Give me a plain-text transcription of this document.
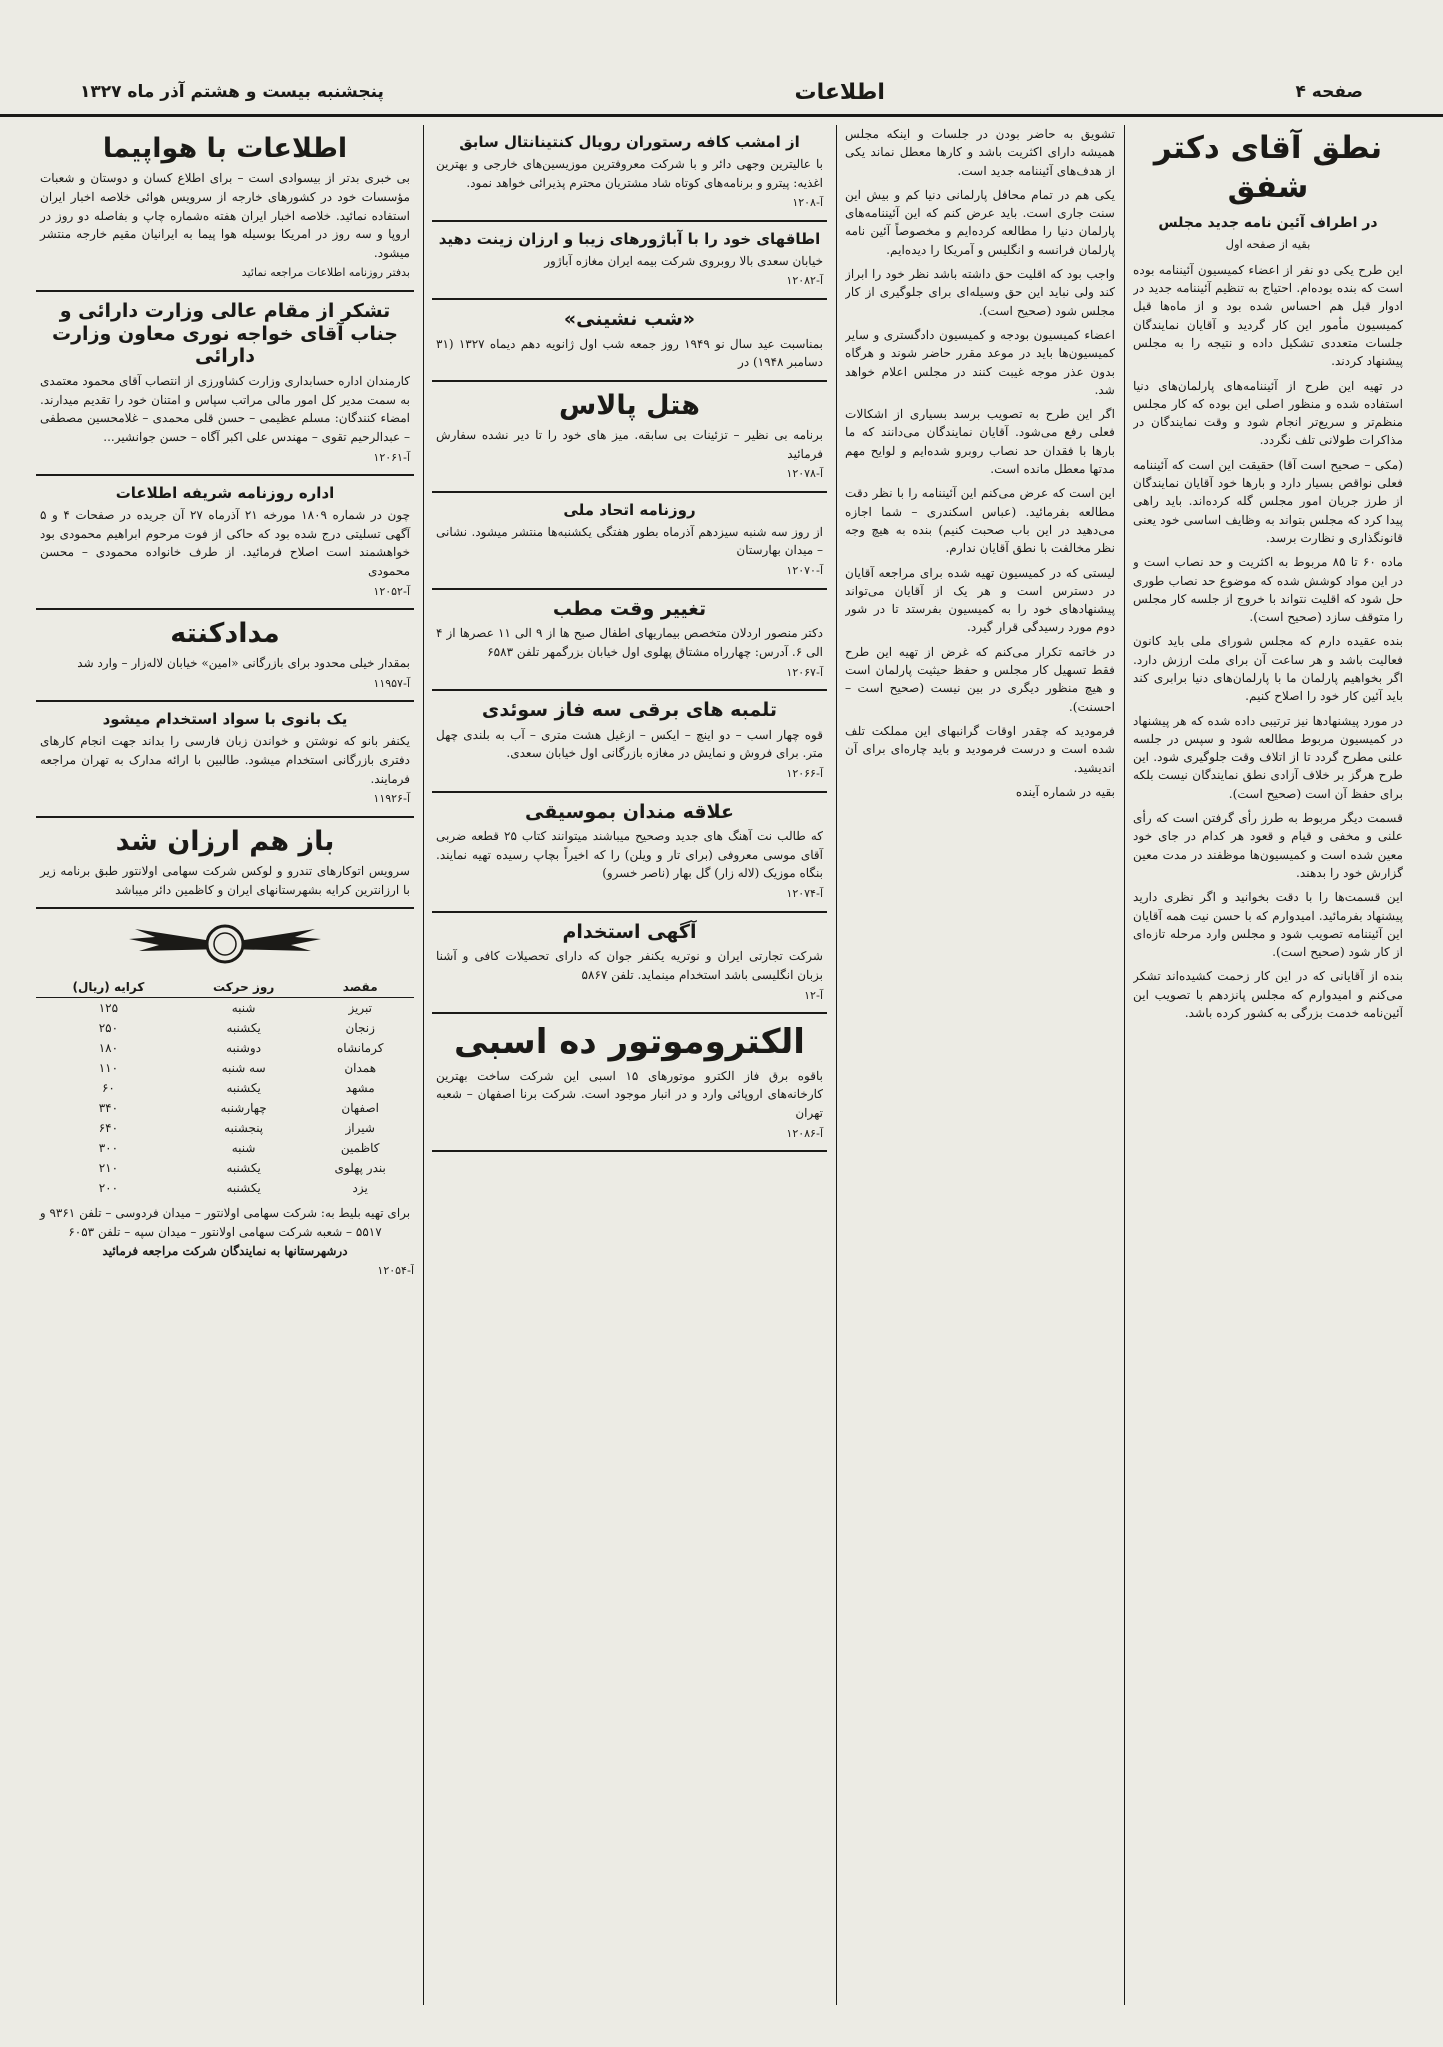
صفحه ۴
اطلاعات
پنجشنبه بیست و هشتم آذر ماه ۱۳۲۷
نطق آقای دکتر شفق
در اطراف آئین نامه جدید مجلس
بقیه از صفحه اول

این طرح یکی دو نفر از اعضاء کمیسیون آئیننامه بوده است که بنده بوده‌ام. احتیاج به تنظیم آئیننامه جدید در ادوار قبل هم احساس شده بود و از ماه‌ها قبل کمیسیون مأمور این کار گردید و آقایان نمایندگان جلسات متعددی تشکیل داده و نتیجه را به مجلس پیشنهاد کردند.

در تهیه این طرح از آئیننامه‌های پارلمان‌های دنیا استفاده شده و منظور اصلی این بوده که کار مجلس منظم‌تر و سریع‌تر انجام شود و وقت نمایندگان در مذاکرات طولانی تلف نگردد.

(مکی – صحیح است آقا) حقیقت این است که آئیننامه فعلی نواقص بسیار دارد و بارها خود آقایان نمایندگان از طرز جریان امور مجلس گله کرده‌اند. باید راهی پیدا کرد که مجلس بتواند به وظایف اساسی خود یعنی قانونگذاری و نظارت برسد.

ماده ۶۰ تا ۸۵ مربوط به اکثریت و حد نصاب است و در این مواد کوشش شده که موضوع حد نصاب طوری حل شود که اقلیت نتواند با خروج از جلسه کار مجلس را متوقف سازد (صحیح است).

بنده عقیده دارم که مجلس شورای ملی باید کانون فعالیت باشد و هر ساعت آن برای ملت ارزش دارد. اگر بخواهیم پارلمان ما با پارلمان‌های دنیا برابری کند باید آئین کار خود را اصلاح کنیم.

در مورد پیشنهادها نیز ترتیبی داده شده که هر پیشنهاد در کمیسیون مربوط مطالعه شود و سپس در جلسه علنی مطرح گردد تا از اتلاف وقت جلوگیری شود. این طرح هرگز بر خلاف آزادی نطق نمایندگان نیست بلکه برای حفظ آن است (صحیح است).

قسمت دیگر مربوط به طرز رأی گرفتن است که رأی علنی و مخفی و قیام و قعود هر کدام در جای خود معین شده است و کمیسیون‌ها موظفند در مدت معین گزارش خود را بدهند.

این قسمت‌ها را با دقت بخوانید و اگر نظری دارید پیشنهاد بفرمائید. امیدوارم که با حسن نیت همه آقایان این آئیننامه تصویب شود و مجلس وارد مرحله تازه‌ای از کار شود (صحیح است).

بنده از آقایانی که در این کار زحمت کشیده‌اند تشکر می‌کنم و امیدوارم که مجلس پانزدهم با تصویب این آئین‌نامه خدمت بزرگی به کشور کرده باشد.

تشویق به حاضر بودن در جلسات و اینکه مجلس همیشه دارای اکثریت باشد و کارها معطل نماند یکی از هدف‌های آئیننامه جدید است.

یکی هم در تمام محافل پارلمانی دنیا کم و بیش این سنت جاری است. باید عرض کنم که این آئیننامه‌های پارلمان دنیا را مطالعه کرده‌ایم و مخصوصاً آئین نامه پارلمان فرانسه و انگلیس و آمریکا را دیده‌ایم.

واجب بود که اقلیت حق داشته باشد نظر خود را ابراز کند ولی نباید این حق وسیله‌ای برای جلوگیری از کار مجلس شود (صحیح است).

اعضاء کمیسیون بودجه و کمیسیون دادگستری و سایر کمیسیون‌ها باید در موعد مقرر حاضر شوند و هرگاه بدون عذر موجه غیبت کنند در مجلس اعلام خواهد شد.

اگر این طرح به تصویب برسد بسیاری از اشکالات فعلی رفع می‌شود. آقایان نمایندگان می‌دانند که ما بارها با فقدان حد نصاب روبرو شده‌ایم و لوایح مهم مدتها معطل مانده است.

این است که عرض می‌کنم این آئیننامه را با نظر دقت مطالعه بفرمائید. (عباس اسکندری – شما اجازه می‌دهید در این باب صحبت کنیم) بنده به هیچ وجه نظر مخالفت با نطق آقایان ندارم.

لیستی که در کمیسیون تهیه شده برای مراجعه آقایان در دسترس است و هر یک از آقایان می‌تواند پیشنهادهای خود را به کمیسیون بفرستد تا در شور دوم مورد رسیدگی قرار گیرد.

در خاتمه تکرار می‌کنم که غرض از تهیه این طرح فقط تسهیل کار مجلس و حفظ حیثیت پارلمان است و هیچ منظور دیگری در بین نیست (صحیح است – احسنت).

فرمودید که چقدر اوقات گرانبهای این مملکت تلف شده است و درست فرمودید و باید چاره‌ای برای آن اندیشید.

بقیه در شماره آینده

از امشب کافه رستوران رویال کنتینانتال سابق
با عالیترین وجهی دائر و با شرکت معروفترین موزیسین‌های خارجی و بهترین اغذیه: پیترو و برنامه‌های کوتاه شاد مشتریان محترم پذیرائی خواهد نمود.
آ-۱۲۰۸
اطاقهای خود را با آباژورهای زیبا و ارزان زینت دهید
خیابان سعدی بالا روبروی شرکت بیمه ایران مغازه آباژور
آ-۱۲۰۸۲
«شب نشینی»
بمناسبت عید سال نو ۱۹۴۹ روز جمعه شب اول ژانویه دهم دیماه ۱۳۲۷ (۳۱ دسامبر ۱۹۴۸) در
هتل پالاس
برنامه بی نظیر – تزئینات بی سابقه. میز های خود را تا دیر نشده سفارش فرمائید
آ-۱۲۰۷۸
روزنامه اتحاد ملی
از روز سه شنبه سیزدهم آذرماه بطور هفتگی یکشنبه‌ها منتشر میشود. نشانی – میدان بهارستان
آ-۱۲۰۷۰
تغییر وقت مطب
دکتر منصور اردلان متخصص بیماریهای اطفال صبح ها از ۹ الی ۱۱ عصرها از ۴ الی ۶. آدرس: چهارراه مشتاق پهلوی اول خیابان بزرگمهر تلفن ۶۵۸۳
آ-۱۲۰۶۷
تلمبه های برقی سه فاز سوئدی
قوه چهار اسب – دو اینچ – ایکس – ازغیل هشت متری – آب به بلندی چهل متر. برای فروش و نمایش در مغازه بازرگانی اول خیابان سعدی.
آ-۱۲۰۶۶
علاقه مندان بموسیقی
که طالب نت آهنگ های جدید وصحیح میباشند میتوانند کتاب ۲۵ قطعه ضربی آقای موسی معروفی (برای تار و ویلن) را که اخیراً بچاپ رسیده تهیه نمایند. بنگاه موزیک (لاله زار) گل بهار (ناصر خسرو)
آ-۱۲۰۷۴
آگهی استخدام
شرکت تجارتی ایران و نوتریه یکنفر جوان که دارای تحصیلات کافی و آشنا بزبان انگلیسی باشد استخدام مینماید. تلفن ۵۸۶۷
آ-۱۲
الکتروموتور ده اسبی
باقوه برق فاز الکترو موتورهای ۱۵ اسبی این شرکت ساخت بهترین کارخانه‌های اروپائی وارد و در انبار موجود است. شرکت برنا اصفهان – شعبه تهران
آ-۱۲۰۸۶
اطلاعات با هواپیما
بی خبری بدتر از بیسوادی است – برای اطلاع کسان و دوستان و شعبات مؤسسات خود در کشورهای خارجه از سرویس هوائی خلاصه اخبار ایران استفاده نمائید. خلاصه اخبار ایران هفته ‌‌‌‌ه‌شماره چاپ و بفاصله دو روز در اروپا و سه روز در امریکا بوسیله هوا پیما به ایرانیان مقیم خارجه منتشر میشود.
بدفتر روزنامه اطلاعات مراجعه نمائید
تشکر از مقام عالی وزارت دارائی و جناب آقای خواجه نوری معاون وزارت دارائی
کارمندان اداره حسابداری وزارت کشاورزی از انتصاب آقای محمود معتمدی به سمت مدیر کل امور مالی مراتب سپاس و امتنان خود را تقدیم میدارند. امضاء کنندگان: مسلم عظیمی – حسن قلی محمدی – غلامحسین مصطفی – عبدالرحیم تقوی – مهندس علی اکبر آگاه – حسن جوانشیر...
آ-۱۲۰۶۱
اداره روزنامه شریفه اطلاعات
چون در شماره ۱۸۰۹ مورخه ۲۱ آذرماه ۲۷ آن جریده در صفحات ۴ و ۵ آگهی تسلیتی درج شده بود که حاکی از فوت مرحوم ابراهیم محمودی بود خواهشمند است اصلاح فرمائید. از طرف خانواده محمودی – محسن محمودی
آ-۱۲۰۵۲
مدادکنته
بمقدار خیلی محدود برای بازرگانی «امین» خیابان لاله‌زار – وارد شد
آ-۱۱۹۵۷
یک بانوی با سواد استخدام میشود
یکنفر بانو که نوشتن و خواندن زبان فارسی را بداند جهت انجام کارهای دفتری بازرگانی استخدام میشود. طالبین با ارائه مدارک به تهران مراجعه فرمایند.
آ-۱۱۹۲۶
باز هم ارزان شد
سرویس اتوکارهای تندرو و لوکس شرکت سهامی اولانتور طبق برنامه زیر با ارزانترین کرایه بشهرستانهای ایران و کاظمین دائر میباشد
مقصد	روز حرکت	کرایه (ریال)
تبریز	شنبه	۱۲۵
زنجان	یکشنبه	۲۵۰
کرمانشاه	دوشنبه	۱۸۰
همدان	سه شنبه	۱۱۰
مشهد	یکشنبه	۶۰
اصفهان	چهارشنبه	۳۴۰
شیراز	پنجشنبه	۶۴۰
کاظمین	شنبه	۳۰۰
بندر پهلوی	یکشنبه	۲۱۰
یزد	یکشنبه	۲۰۰
برای تهیه بلیط به: شرکت سهامی اولانتور – میدان فردوسی – تلفن ۹۳۶۱ و ۵۵۱۷ – شعبه شرکت سهامی اولانتور – میدان سپه – تلفن ۶۰۵۳
درشهرستانها به نمایندگان شرکت مراجعه فرمائید
آ-۱۲۰۵۴
